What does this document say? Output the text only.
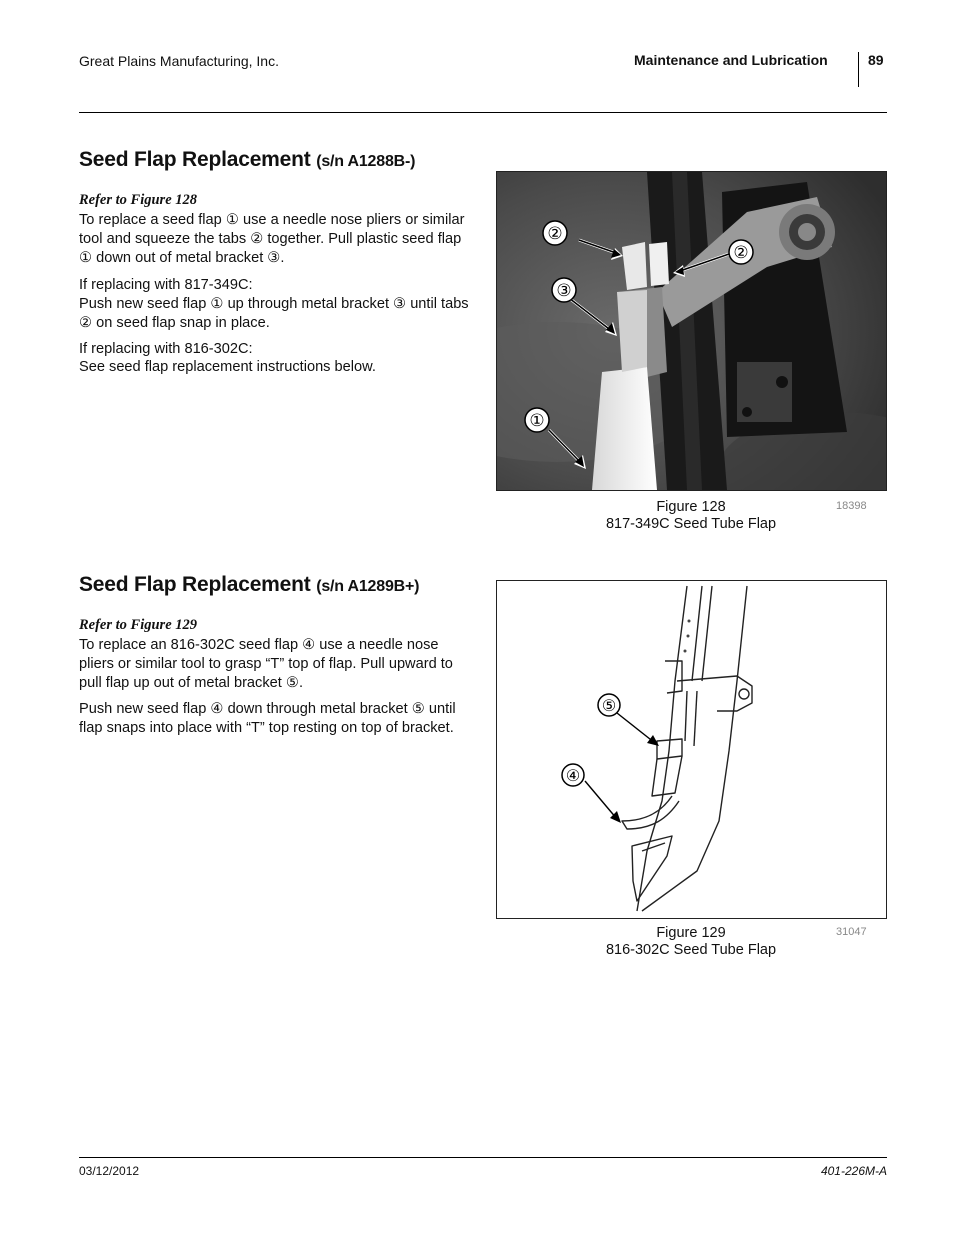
Great Plains Manufacturing, Inc.	Maintenance and Lubrication	89
Seed Flap Replacement (s/n A1288B-)
Refer to Figure 128
To replace a seed flap ① use a needle nose pliers or similar tool and squeeze the tabs ② together. Pull plastic seed flap ① down out of metal bracket ③.
If replacing with 817-349C:
Push new seed flap ① up through metal bracket ③ until tabs ② on seed flap snap in place.
If replacing with 816-302C:
See seed flap replacement instructions below.
②
②
③
①
Figure 128
817-349C Seed Tube Flap
18398
Seed Flap Replacement (s/n A1289B+)
Refer to Figure 129
To replace an 816-302C seed flap ④ use a needle nose pliers or similar tool to grasp “T” top of flap. Pull upward to pull flap up out of metal bracket ⑤.
Push new seed flap ④ down through metal bracket ⑤ until flap snaps into place with “T” top resting on top of bracket.
⑤
④
Figure 129
816-302C Seed Tube Flap
31047
03/12/2012	401-226M-A
